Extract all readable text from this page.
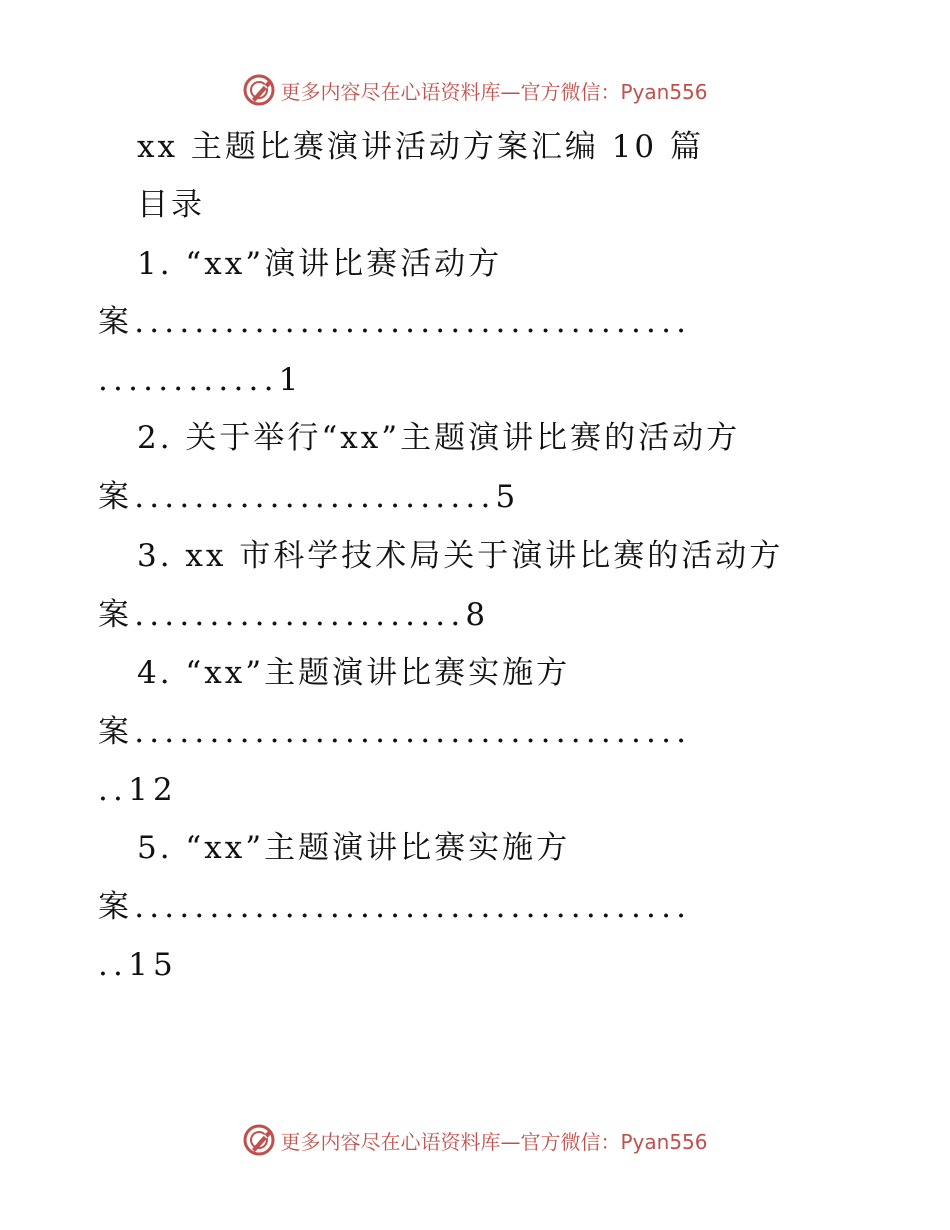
更多内容尽在心语资料库—官方微信：Pyan556
xx 主题比赛演讲活动方案汇编 10 篇
目录
1. “xx”演讲比赛活动方
案.....................................
............1
2. 关于举行“xx”主题演讲比赛的活动方
案........................5
3. xx 市科学技术局关于演讲比赛的活动方
案......................8
4. “xx”主题演讲比赛实施方
案.....................................
..12
5. “xx”主题演讲比赛实施方
案.....................................
..15
更多内容尽在心语资料库—官方微信：Pyan556
